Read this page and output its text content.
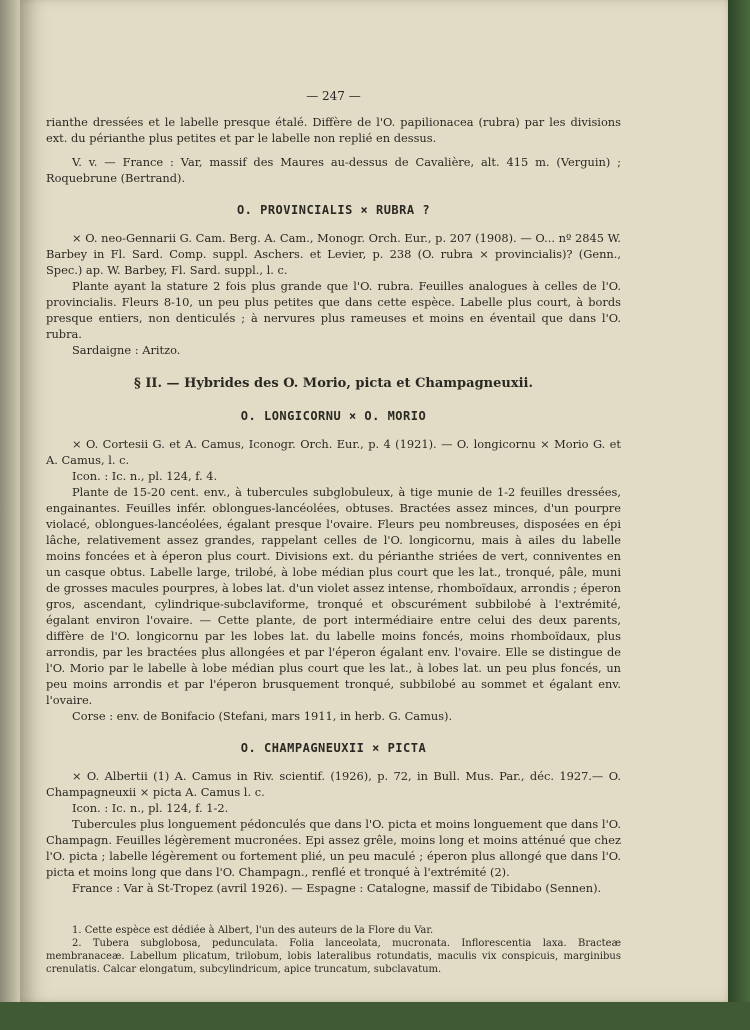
— 247 —

rianthe dressées et le labelle presque étalé. Diffère de l'O. papilionacea (rubra) par les divisions ext. du périanthe plus petites et par le labelle non replié en dessus.

V. v. — France : Var, massif des Maures au-dessus de Cavalière, alt. 415 m. (Verguin) ; Roquebrune (Bertrand).

O. PROVINCIALIS × RUBRA ?

× O. neo-Gennarii G. Cam. Berg. A. Cam., Monogr. Orch. Eur., p. 207 (1908). — O... nº 2845 W. Barbey in Fl. Sard. Comp. suppl. Aschers. et Levier, p. 238 (O. rubra × provincialis)? (Genn., Spec.) ap. W. Barbey, Fl. Sard. suppl., l. c.

Plante ayant la stature 2 fois plus grande que l'O. rubra. Feuilles analogues à celles de l'O. provincialis. Fleurs 8-10, un peu plus petites que dans cette espèce. Labelle plus court, à bords presque entiers, non denticulés ; à nervures plus rameuses et moins en éventail que dans l'O. rubra.

Sardaigne : Aritzo.

§ II. — Hybrides des O. Morio, picta et Champagneuxii.
O. LONGICORNU × O. MORIO

× O. Cortesii G. et A. Camus, Iconogr. Orch. Eur., p. 4 (1921). — O. longicornu × Morio G. et A. Camus, l. c.

Icon. : Ic. n., pl. 124, f. 4.

Plante de 15-20 cent. env., à tubercules subglobuleux, à tige munie de 1-2 feuilles dressées, engainantes. Feuilles infér. oblongues-lancéolées, obtuses. Bractées assez minces, d'un pourpre violacé, oblongues-lancéolées, égalant presque l'ovaire. Fleurs peu nombreuses, disposées en épi lâche, relativement assez grandes, rappelant celles de l'O. longicornu, mais à ailes du labelle moins foncées et à éperon plus court. Divisions ext. du périanthe striées de vert, conniventes en un casque obtus. Labelle large, trilobé, à lobe médian plus court que les lat., tronqué, pâle, muni de grosses macules pourpres, à lobes lat. d'un violet assez intense, rhomboïdaux, arrondis ; éperon gros, ascendant, cylindrique-subclaviforme, tronqué et obscurément subbilobé à l'extrémité, égalant environ l'ovaire. — Cette plante, de port intermédiaire entre celui des deux parents, diffère de l'O. longicornu par les lobes lat. du labelle moins foncés, moins rhomboïdaux, plus arrondis, par les bractées plus allongées et par l'éperon égalant env. l'ovaire. Elle se distingue de l'O. Morio par le labelle à lobe médian plus court que les lat., à lobes lat. un peu plus foncés, un peu moins arrondis et par l'éperon brusquement tronqué, subbilobé au sommet et égalant env. l'ovaire.

Corse : env. de Bonifacio (Stefani, mars 1911, in herb. G. Camus).

O. CHAMPAGNEUXII × PICTA

× O. Albertii (1) A. Camus in Riv. scientif. (1926), p. 72, in Bull. Mus. Par., déc. 1927.— O. Champagneuxii × picta A. Camus l. c.

Icon. : Ic. n., pl. 124, f. 1-2.

Tubercules plus longuement pédonculés que dans l'O. picta et moins longuement que dans l'O. Champagn. Feuilles légèrement mucronées. Epi assez grêle, moins long et moins atténué que chez l'O. picta ; labelle légèrement ou fortement plié, un peu maculé ; éperon plus allongé que dans l'O. picta et moins long que dans l'O. Champagn., renflé et tronqué à l'extrémité (2).

France : Var à St-Tropez (avril 1926). — Espagne : Catalogne, massif de Tibidabo (Sennen).

1. Cette espèce est dédiée à Albert, l'un des auteurs de la Flore du Var.

2. Tubera subglobosa, pedunculata. Folia lanceolata, mucronata. Inflorescentia laxa. Bracteæ membranaceæ. Labellum plicatum, trilobum, lobis lateralibus rotundatis, maculis vix conspicuis, marginibus crenulatis. Calcar elongatum, subcylindricum, apice truncatum, subclavatum.
